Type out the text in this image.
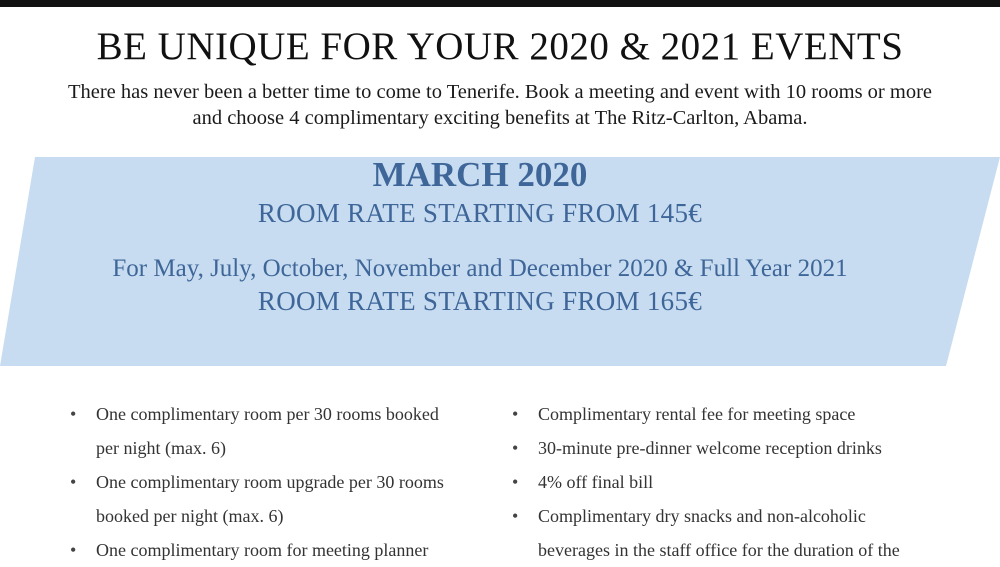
BE UNIQUE FOR YOUR 2020 & 2021 EVENTS
There has never been a better time to come to Tenerife. Book a meeting and event with 10 rooms or more
and choose 4 complimentary exciting benefits at The Ritz-Carlton, Abama.
MARCH 2020
ROOM RATE STARTING FROM 145€
For May, July, October, November and December 2020 & Full Year 2021
ROOM RATE STARTING FROM 165€
• One complimentary room per 30 rooms booked
per night (max. 6)
• One complimentary room upgrade per 30 rooms
booked per night (max. 6)
• One complimentary room for meeting planner
• Complimentary rental fee for meeting space
• 30-minute pre-dinner welcome reception drinks
• 4% off final bill
• Complimentary dry snacks and non-alcoholic
beverages in the staff office for the duration of the
